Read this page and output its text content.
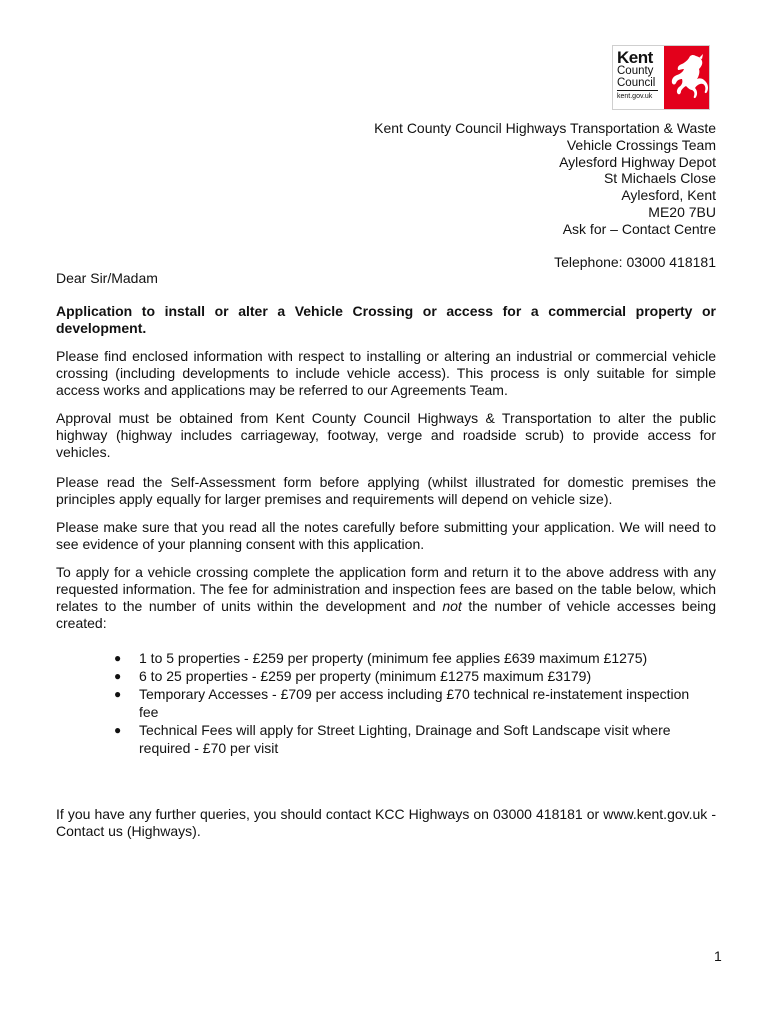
Kent
County
Council
kent.gov.uk
Kent County Council Highways Transportation & Waste
Vehicle Crossings Team
Aylesford Highway Depot
St Michaels Close
Aylesford, Kent
ME20 7BU
Ask for – Contact Centre
Telephone: 03000 418181
Dear Sir/Madam
Application to install or alter a Vehicle Crossing or access for a commercial property or development.
Please find enclosed information with respect to installing or altering an industrial or commercial vehicle crossing (including developments to include vehicle access). This process is only suitable for simple access works and applications may be referred to our Agreements Team.
Approval must be obtained from Kent County Council Highways & Transportation to alter the public highway (highway includes carriageway, footway, verge and roadside scrub) to provide access for vehicles.
Please read the Self-Assessment form before applying (whilst illustrated for domestic premises the principles apply equally for larger premises and requirements will depend on vehicle size).
Please make sure that you read all the notes carefully before submitting your application. We will need to see evidence of your planning consent with this application.
To apply for a vehicle crossing complete the application form and return it to the above address with any requested information. The fee for administration and inspection fees are based on the table below, which relates to the number of units within the development and not the number of vehicle accesses being created:
● 1 to 5 properties - £259 per property (minimum fee applies £639 maximum £1275)
● 6 to 25 properties - £259 per property (minimum £1275 maximum £3179)
● Temporary Accesses - £709 per access including £70 technical re-instatement inspection fee
● Technical Fees will apply for Street Lighting, Drainage and Soft Landscape visit where required - £70 per visit
If you have any further queries, you should contact KCC Highways on 03000 418181 or www.kent.gov.uk - Contact us (Highways).
1
